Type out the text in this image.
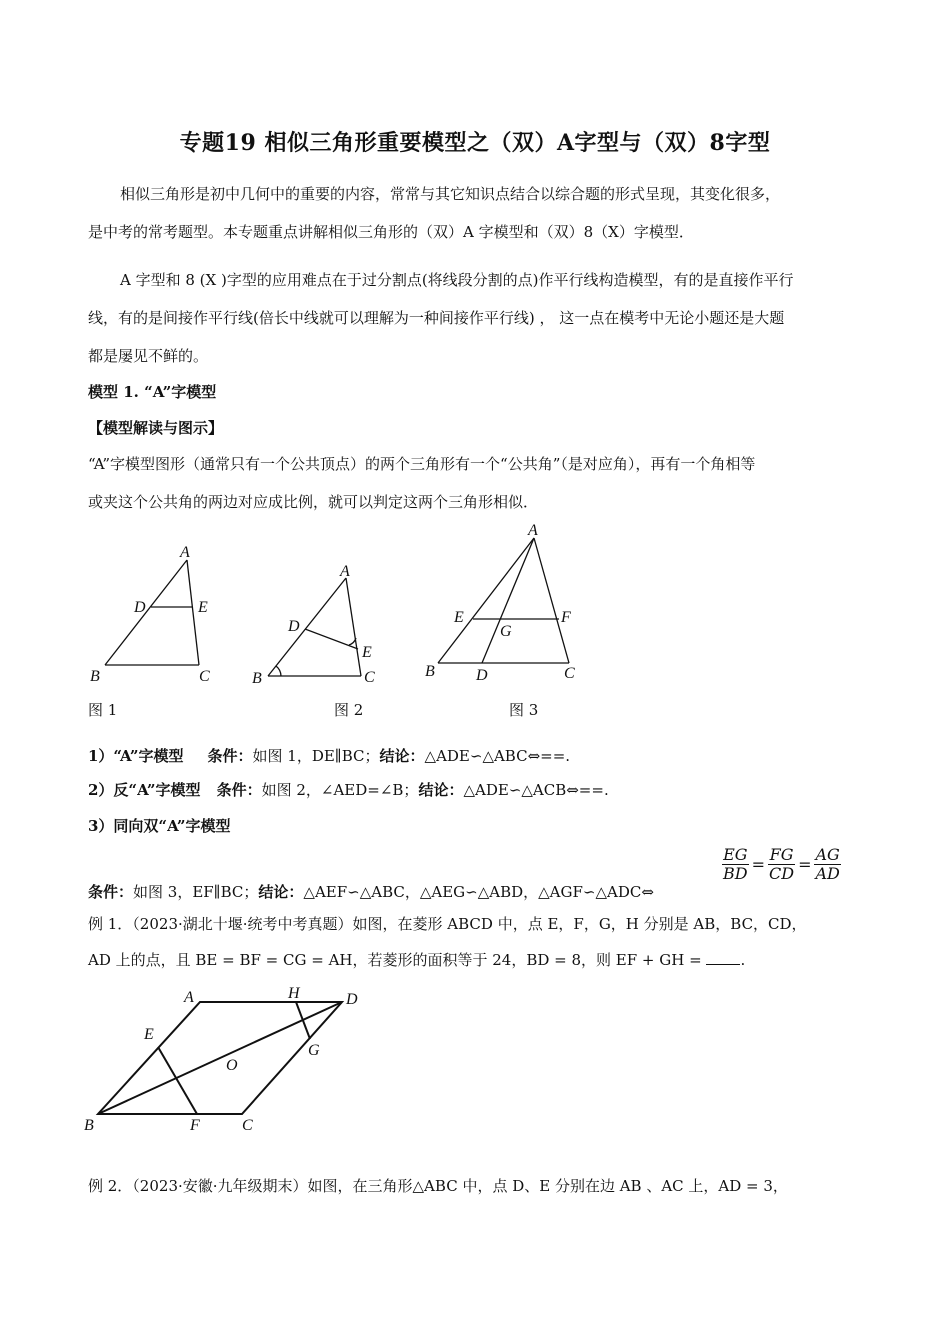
专题19 相似三角形重要模型之（双）A字型与（双）8字型
相似三角形是初中几何中的重要的内容，常常与其它知识点结合以综合题的形式呈现，其变化很多，
是中考的常考题型。本专题重点讲解相似三角形的（双）A 字模型和（双）8（X）字模型．
A 字型和 8 (X )字型的应用难点在于过分割点(将线段分割的点)作平行线构造模型，有的是直接作平行
线，有的是间接作平行线(倍长中线就可以理解为一种间接作平行线) ， 这一点在模考中无论小题还是大题
都是屡见不鲜的。
模型 1. “A”字模型
【模型解读与图示】
“A”字模型图形（通常只有一个公共顶点）的两个三角形有一个“公共角”（是对应角），再有一个角相等
或夹这个公共角的两边对应成比例，就可以判定这两个三角形相似．
A
B	C
D	E
图 1
A
B	C
D
E
图 2
A
B	C
D
E	F
G
图 3
1）“A”字模型 条件：如图 1，DE∥BC；结论：△ADE∽△ABC⇔==.
2）反“A”字模型 条件：如图 2，∠AED=∠B；结论：△ADE∽△ACB⇔==.
3）同向双“A”字模型
条件：如图 3，EF∥BC；结论：△AEF∽△ABC，△AEG∽△ABD，△AGF∽△ADC⇔
$\frac{EG}{BD} = \frac{FG}{CD} = \frac{AG}{AD}$
例 1．（2023·湖北十堰·统考中考真题）如图，在菱形 ABCD 中，点 E，F，G，H 分别是 AB，BC，CD，
AD 上的点，且 BE = BF = CG = AH，若菱形的面积等于 24，BD = 8，则 EF + GH = .
A
B	C
D
E
F
G
H
O
例 2．（2023·安徽·九年级期末）如图，在三角形△ABC 中，点 D、E 分别在边 AB 、AC 上，AD = 3，
